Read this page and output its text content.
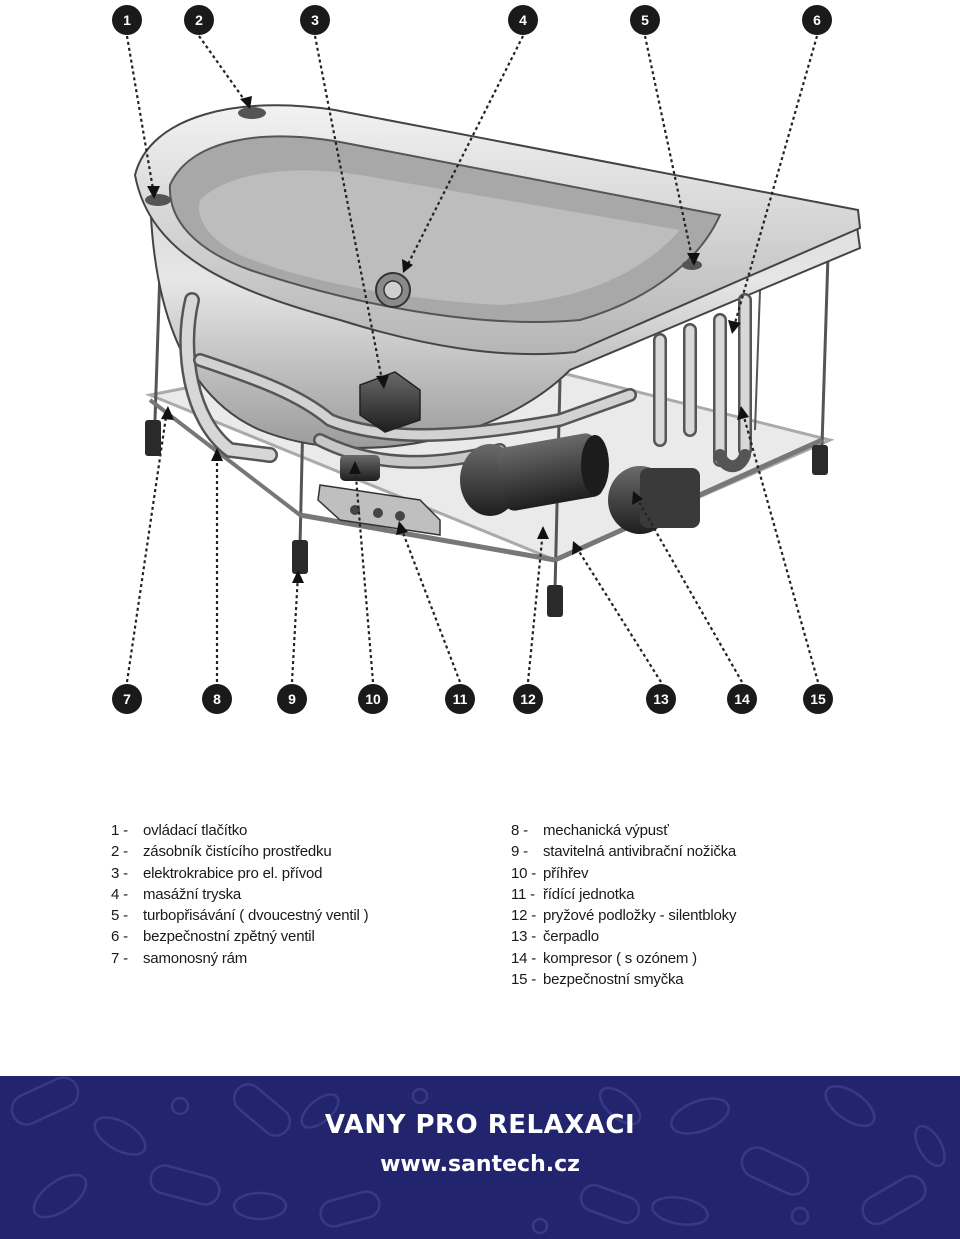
1	2	3	4	5	6
7	8	9	10	11	12	13	14	15
1 -	ovládací tlačítko
2 -	zásobník čistícího prostředku
3 -	elektrokrabice pro el. přívod
4 -	masážní tryska
5 -	turbopřisávání ( dvoucestný ventil )
6 -	bezpečnostní zpětný ventil
7 -	samonosný rám
8 -	mechanická výpusť
9 -	stavitelná antivibrační nožička
10 - příhřev
11 - řídící jednotka
12 - pryžové podložky - silentbloky
13 - čerpadlo
14 - kompresor ( s ozónem )
15 - bezpečnostní smyčka
VANY PRO RELAXACI
www.santech.cz
